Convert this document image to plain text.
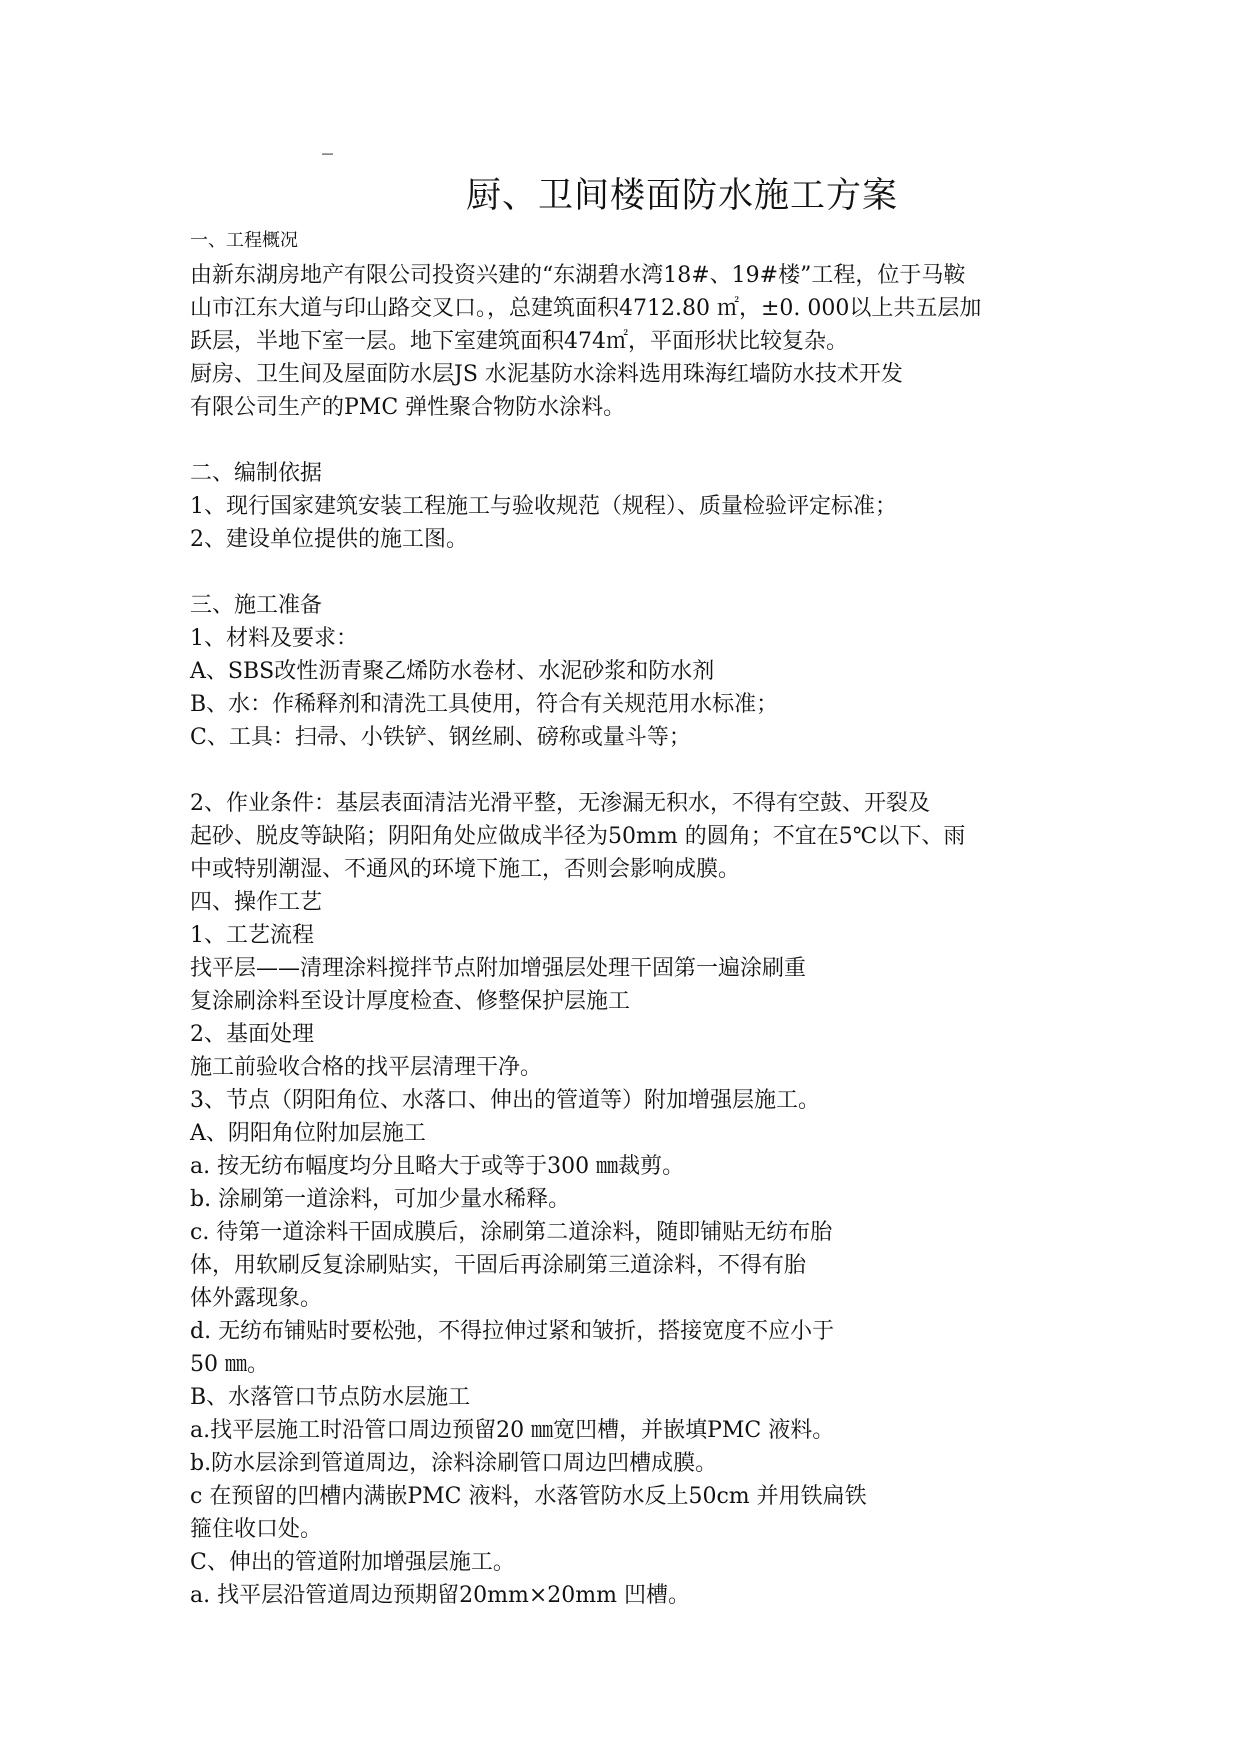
_
厨、卫间楼面防水施工方案
一、工程概况
由新东湖房地产有限公司投资兴建的“东湖碧水湾18#、19#楼”工程，位于马鞍
山市江东大道与印山路交叉口。，总建筑面积4712.80 ㎡，±0. 000以上共五层加
跃层，半地下室一层。地下室建筑面积474㎡，平面形状比较复杂。
厨房、卫生间及屋面防水层JS 水泥基防水涂料选用珠海红墙防水技术开发
有限公司生产的PMC 弹性聚合物防水涂料。
二、编制依据
1、现行国家建筑安装工程施工与验收规范（规程）、质量检验评定标准；
2、建设单位提供的施工图。
三、施工准备
1、材料及要求：
A、SBS改性沥青聚乙烯防水卷材、水泥砂浆和防水剂
B、水：作稀释剂和清洗工具使用，符合有关规范用水标准；
C、工具：扫帚、小铁铲、钢丝刷、磅称或量斗等；
2、作业条件：基层表面清洁光滑平整，无渗漏无积水，不得有空鼓、开裂及
起砂、脱皮等缺陷；阴阳角处应做成半径为50mm 的圆角；不宜在5℃以下、雨
中或特别潮湿、不通风的环境下施工，否则会影响成膜。
四、操作工艺
1、工艺流程
找平层——清理涂料搅拌节点附加增强层处理干固第一遍涂刷重
复涂刷涂料至设计厚度检查、修整保护层施工
2、基面处理
施工前验收合格的找平层清理干净。
3、节点（阴阳角位、水落口、伸出的管道等）附加增强层施工。
A、阴阳角位附加层施工
a. 按无纺布幅度均分且略大于或等于300 ㎜裁剪。
b. 涂刷第一道涂料，可加少量水稀释。
c. 待第一道涂料干固成膜后，涂刷第二道涂料，随即铺贴无纺布胎
体，用软刷反复涂刷贴实，干固后再涂刷第三道涂料，不得有胎
体外露现象。
d. 无纺布铺贴时要松弛，不得拉伸过紧和皱折，搭接宽度不应小于
50 ㎜。
B、水落管口节点防水层施工
a.找平层施工时沿管口周边预留20 ㎜宽凹槽，并嵌填PMC 液料。
b.防水层涂到管道周边，涂料涂刷管口周边凹槽成膜。
c 在预留的凹槽内满嵌PMC 液料，水落管防水反上50cm 并用铁扁铁
箍住收口处。
C、伸出的管道附加增强层施工。
a. 找平层沿管道周边预期留20mm×20mm 凹槽。
